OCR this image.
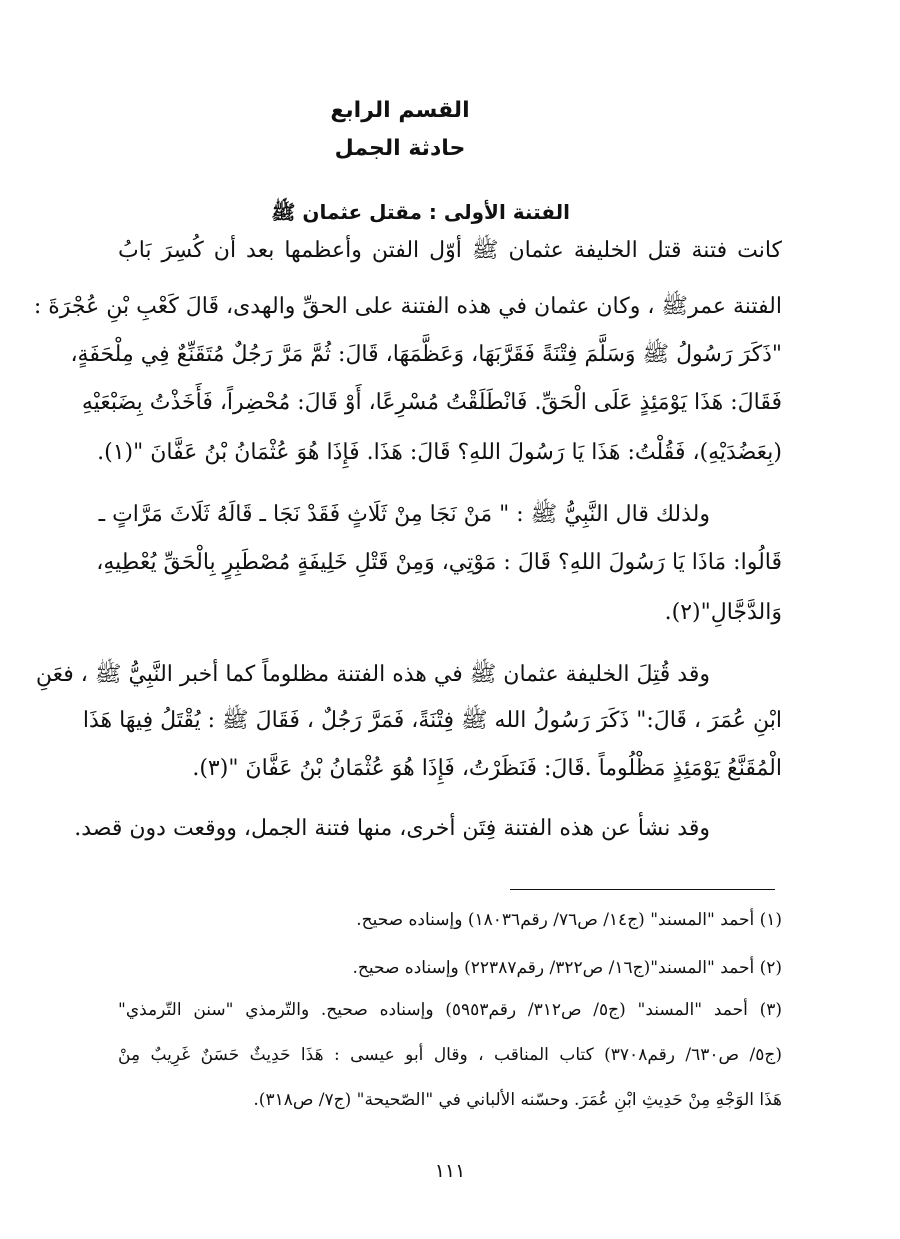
القسم الرابع
حادثة الجمل
الفتنة الأولى : مقتل عثمان ﷺ
كانت فتنة قتل الخليفة عثمان ﷺ أوّل الفتن وأعظمها بعد أن كُسِرَ بَابُ
الفتنة عمرﷺ ، وكان عثمان في هذه الفتنة على الحقِّ والهدى، قَالَ كَعْبِ بْنِ عُجْرَةَ :
"ذَكَرَ رَسُولُ ﷺ وَسَلَّمَ فِتْنَةً فَقَرَّبَهَا، وَعَظَّمَهَا، قَالَ: ثُمَّ مَرَّ رَجُلٌ مُتَقَنِّعٌ فِي مِلْحَفَةٍ،
فَقَالَ: هَذَا يَوْمَئِذٍ عَلَى الْحَقِّ. فَانْطَلَقْتُ مُسْرِعًا، أَوْ قَالَ: مُحْضِراً، فَأَخَذْتُ بِضَبْعَيْهِ
(بِعَضُدَيْهِ)، فَقُلْتُ: هَذَا يَا رَسُولَ اللهِ؟ قَالَ: هَذَا. فَإِذَا هُوَ عُثْمَانُ بْنُ عَفَّانَ "(١).
ولذلك قال النَّبِيُّ ﷺ : " مَنْ نَجَا مِنْ ثَلَاثٍ فَقَدْ نَجَا ـ قَالَهُ ثَلَاثَ مَرَّاتٍ ـ
قَالُوا: مَاذَا يَا رَسُولَ اللهِ؟ قَالَ : مَوْتِي، وَمِنْ قَتْلِ خَلِيفَةٍ مُصْطَبِرٍ بِالْحَقِّ يُعْطِيهِ،
وَالدَّجَّالِ"(٢).
وقد قُتِلَ الخليفة عثمان ﷺ في هذه الفتنة مظلوماً كما أخبر النَّبِيُّ ﷺ ، فعَنِ
ابْنِ عُمَرَ ، قَالَ:" ذَكَرَ رَسُولُ الله ﷺ فِتْنَةً، فَمَرَّ رَجُلٌ ، فَقَالَ ﷺ : يُقْتَلُ فِيهَا هَذَا
الْمُقَنَّعُ يَوْمَئِذٍ مَظْلُوماً .قَالَ: فَنَظَرْتُ، فَإِذَا هُوَ عُثْمَانُ بْنُ عَفَّانَ "(٣).
وقد نشأ عن هذه الفتنة فِتَن أخرى، منها فتنة الجمل، ووقعت دون قصد.
(١) أحمد "المسند" (ج١٤/ ص٧٦/ رقم١٨٠٣٦) وإسناده صحيح.
(٢) أحمد "المسند"(ج١٦/ ص٣٢٢/ رقم٢٢٣٨٧) وإسناده صحيح.
(٣) أحمد "المسند" (ج٥/ ص٣١٢/ رقم٥٩٥٣) وإسناده صحيح. والتّرمذي "سنن التّرمذي"
(ج٥/ ص٦٣٠/ رقم٣٧٠٨) كتاب المناقب ، وقال أبو عيسى : هَذَا حَدِيثٌ حَسَنٌ غَرِيبٌ مِنْ
هَذَا الوَجْهِ مِنْ حَدِيثِ ابْنِ عُمَرَ. وحسّنه الألباني في "الصّحيحة" (ج٧/ ص٣١٨).
١١١
